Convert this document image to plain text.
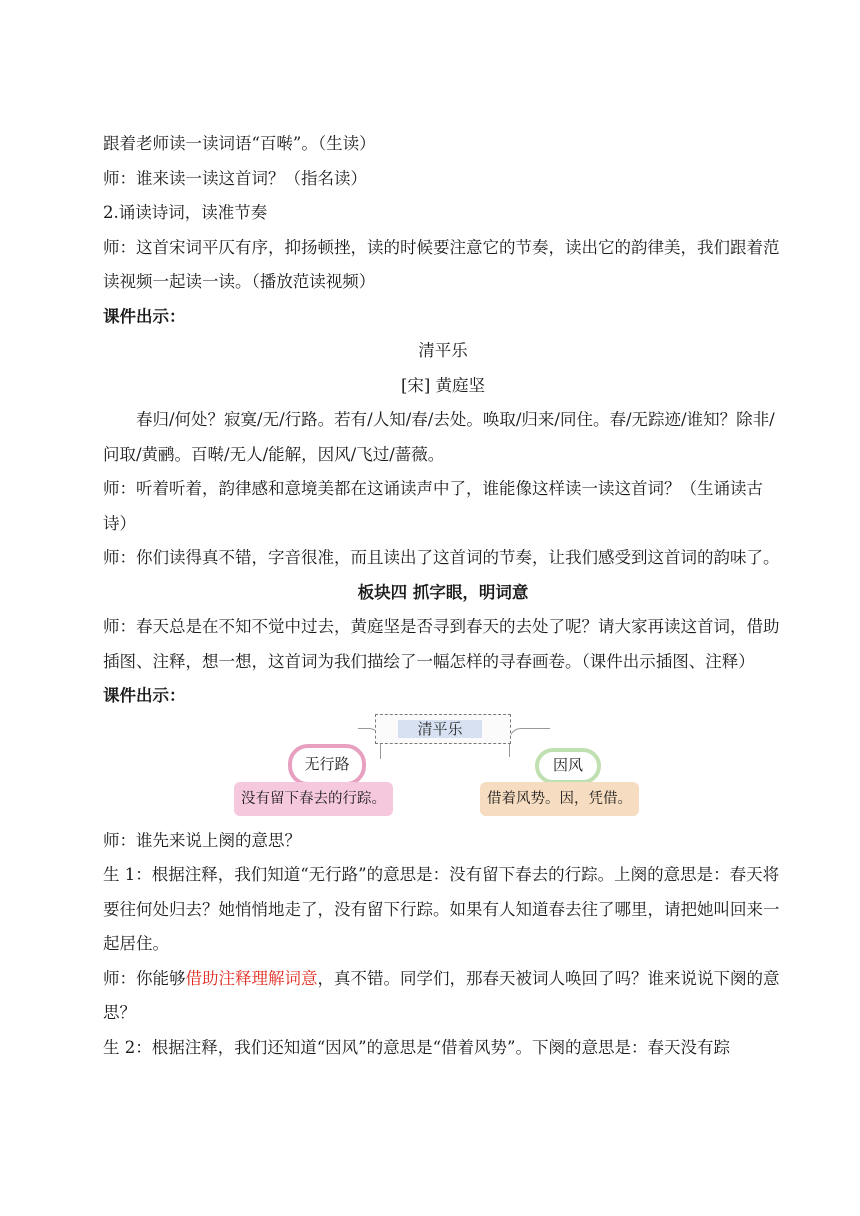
跟着老师读一读词语“百啭”。（生读）

师：谁来读一读这首词？（指名读）

2.诵读诗词，读准节奏

师：这首宋词平仄有序，抑扬顿挫，读的时候要注意它的节奏，读出它的韵律美，我们跟着范读视频一起读一读。（播放范读视频）

课件出示：

清平乐

[宋] 黄庭坚

春归/何处？寂寞/无/行路。若有/人知/春/去处。唤取/归来/同住。春/无踪迹/谁知？除非/问取/黄鹂。百啭/无人/能解，因风/飞过/蔷薇。

师：听着听着，韵律感和意境美都在这诵读声中了，谁能像这样读一读这首词？（生诵读古诗）

师：你们读得真不错，字音很准，而且读出了这首词的节奏，让我们感受到这首词的韵味了。

板块四 抓字眼，明词意

师：春天总是在不知不觉中过去，黄庭坚是否寻到春天的去处了呢？请大家再读这首词，借助插图、注释，想一想，这首词为我们描绘了一幅怎样的寻春画卷。（课件出示插图、注释）

课件出示：

清平乐
无行路	因风
没有留下春去的行踪。	借着风势。因，凭借。

师：谁先来说上阕的意思？

生 1：根据注释，我们知道“无行路”的意思是：没有留下春去的行踪。上阕的意思是：春天将要往何处归去？她悄悄地走了，没有留下行踪。如果有人知道春去往了哪里，请把她叫回来一起居住。

师：你能够借助注释理解词意，真不错。同学们，那春天被词人唤回了吗？谁来说说下阕的意思？

生 2：根据注释，我们还知道“因风”的意思是“借着风势”。下阕的意思是：春天没有踪
